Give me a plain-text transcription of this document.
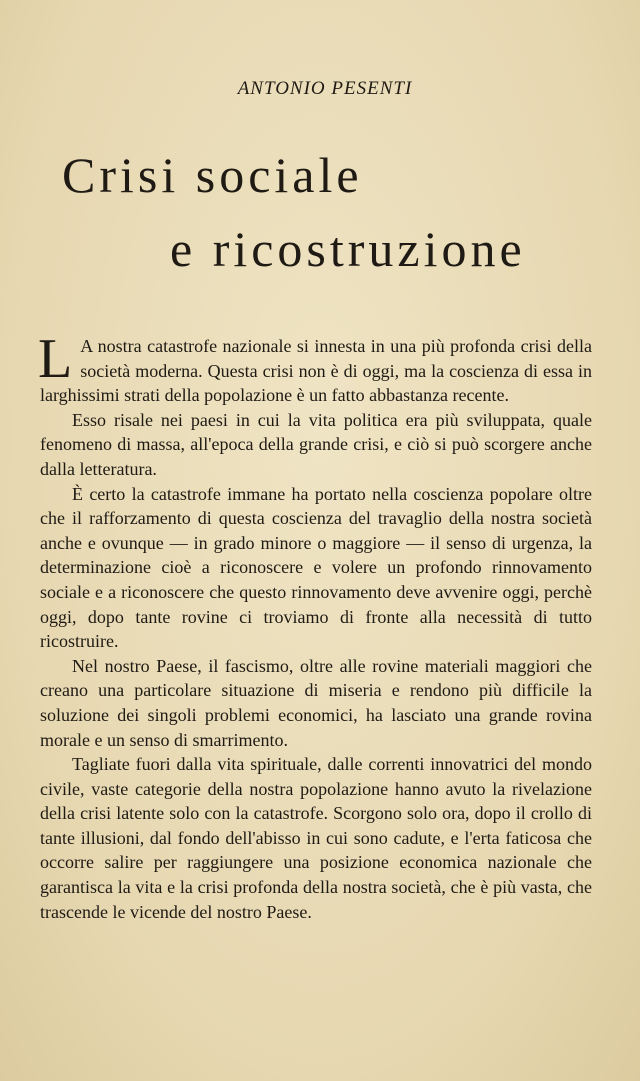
ANTONIO PESENTI
Crisi sociale
e ricostruzione

L A nostra catastrofe nazionale si innesta in una più profonda crisi della società moderna. Questa crisi non è di oggi, ma la coscienza di essa in larghissimi strati della popolazione è un fatto abbastanza recente.

Esso risale nei paesi in cui la vita politica era più sviluppata, quale fenomeno di massa, all'epoca della grande crisi, e ciò si può scorgere anche dalla letteratura.

È certo la catastrofe immane ha portato nella coscienza popolare oltre che il rafforzamento di questa coscienza del travaglio della nostra società anche e ovunque — in grado minore o maggiore — il senso di urgenza, la determinazione cioè a riconoscere e volere un profondo rinnovamento sociale e a riconoscere che questo rinnovamento deve avvenire oggi, perchè oggi, dopo tante rovine ci troviamo di fronte alla necessità di tutto ricostruire.

Nel nostro Paese, il fascismo, oltre alle rovine materiali maggiori che creano una particolare situazione di miseria e rendono più difficile la soluzione dei singoli problemi economici, ha lasciato una grande rovina morale e un senso di smarrimento.

Tagliate fuori dalla vita spirituale, dalle correnti innovatrici del mondo civile, vaste categorie della nostra popolazione hanno avuto la rivelazione della crisi latente solo con la catastrofe. Scorgono solo ora, dopo il crollo di tante illusioni, dal fondo dell'abisso in cui sono cadute, e l'erta faticosa che occorre salire per raggiungere una posizione economica nazionale che garantisca la vita e la crisi profonda della nostra società, che è più vasta, che trascende le vicende del nostro Paese.
